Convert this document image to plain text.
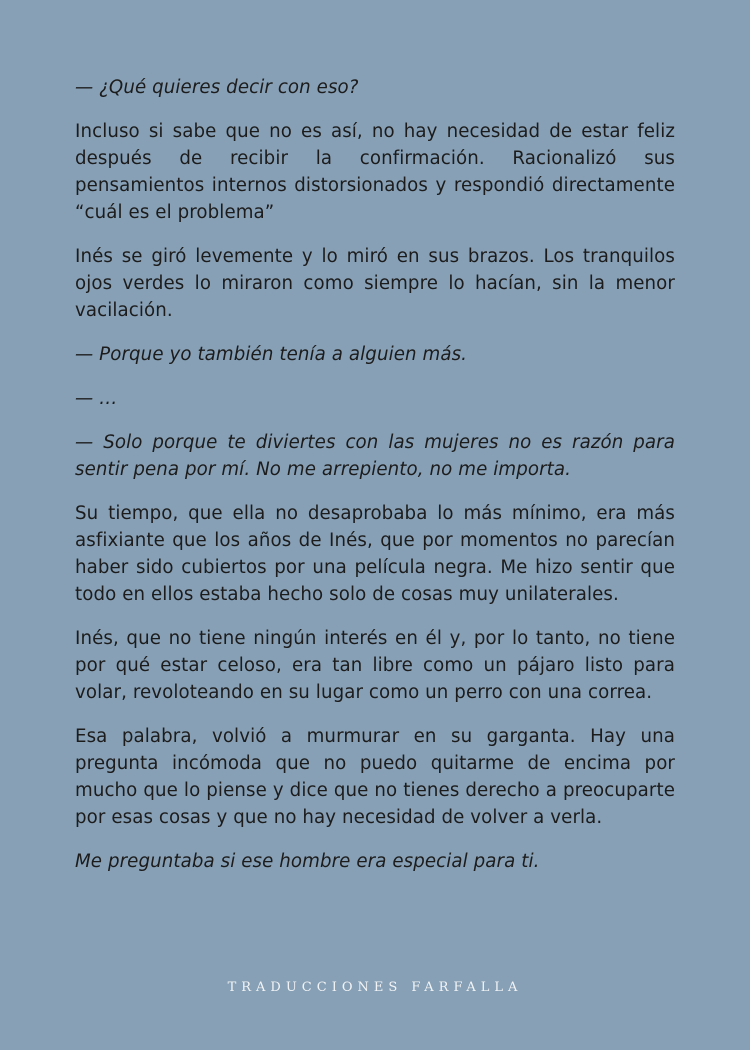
— ¿Qué quieres decir con eso?

Incluso si sabe que no es así, no hay necesidad de estar feliz después de recibir la confirmación. Racionalizó sus pensamientos internos distorsionados y respondió directamente “cuál es el problema”

Inés se giró levemente y lo miró en sus brazos. Los tranquilos ojos verdes lo miraron como siempre lo hacían, sin la menor vacilación.

— Porque yo también tenía a alguien más.

— …

— Solo porque te diviertes con las mujeres no es razón para sentir pena por mí. No me arrepiento, no me importa.

Su tiempo, que ella no desaprobaba lo más mínimo, era más asfixiante que los años de Inés, que por momentos no parecían haber sido cubiertos por una película negra. Me hizo sentir que todo en ellos estaba hecho solo de cosas muy unilaterales.

Inés, que no tiene ningún interés en él y, por lo tanto, no tiene por qué estar celoso, era tan libre como un pájaro listo para volar, revoloteando en su lugar como un perro con una correa.

Esa palabra, volvió a murmurar en su garganta. Hay una pregunta incómoda que no puedo quitarme de encima por mucho que lo piense y dice que no tienes derecho a preocuparte por esas cosas y que no hay necesidad de volver a verla.

Me preguntaba si ese hombre era especial para ti.

TRADUCCIONES FARFALLA
